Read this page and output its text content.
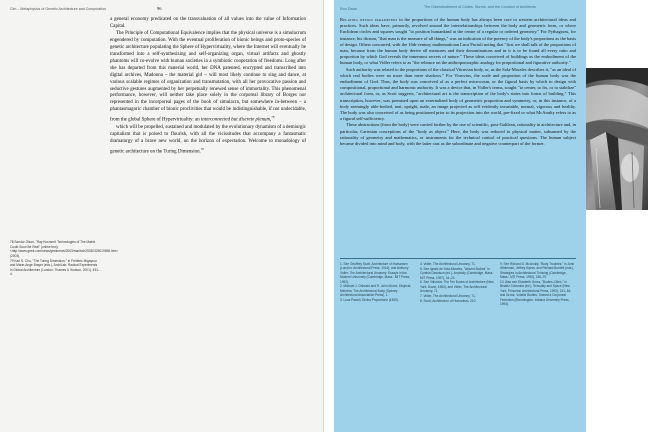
Clm – Metaphysics of Genetic Architecture and Computation	96

a general economy predicated on the transvaluation of all values into the value of Information Capital.

The Principle of Computational Equivalence implies that the physical universe is a simulacrum engendered by computation. With the eventual proliferation of bionic beings and proto-species of genetic architecture populating the Sphere of Hypervirtuality, where the Internet will eventually be transformed into a self-synthesizing and self-organizing organ, virtual artifacts and ghostly phantoms will co-evolve with human societies in a symbiotic cooperation of freedoms. Long after she has departed from this material world, her DNA patented, encrypted and transcribed into digital archives, Madonna – the material girl – will most likely continue to sing and dance, at various scalable regimes of organization and transmutation, with all her provocative passion and seductive gestures augmented by her perpetually renewed sense of immortality. This phenomenal performance, however, will neither take place solely in the corporeal library of Borges nor represented in the incorporeal pages of the book of simulacra, but somewhere in-between – a phantasmagoric chamber of bionic proclivities that would be indistinguishable, if not undecidable, from the global Sphere of Hypervirtuality: an interconnected but discrete plenum,$^{78}$

which will be propelled, sustained and modulated by the evolutionary dynamism of a demiurgic capitalism that is poised to flourish, with all the vicissitudes that accompany a fantasmatic dramaturgy of a brave new world, on the horizon of expectation. Welcome to monadology of genetic architecture on the Turing Dimension.$^{79}$

78 Sandor Olson, "Ray Kurzweil: Technologies of The Matrix Could Soon Be Real" (online text), <http://www.geek.com/news/geeknews/2003/mar/bch20030325019598.htm> (2003).
79 Karl S. Chu, "The Turing Dimension," in Frédéric Migayrou and Marie-Ange Brayer (eds.), ArchiLab: Radical Experiments in Global Architecture (London: Thames & Hudson, 2001), 491–4.
Ron Davis	The Disembodiment of Codes, Norms, and the Conduct of Architects

Relating design parameters to the proportions of the human body has always been core to western architectural ideas and practices. Such ideas have, primarily, revolved around the interrelationships between the body and geometric form, or where Euclidean circles and squares sought "to position humankind at the centre of a regular or ordered geometry." For Pythagoras, for instance, his dictum, "that man is the measure of all things," was an indication of the potency of the body's proportions as the basis of design. Others concurred, with the 16th-century mathematician Luca Pacioli noting that "first we shall talk of the proportions of man, because from the human body derive all measures and their denominations and in it is to be found all every ratio and proportion by which God reveals the innermost secrets of nature." These ideas conceived of buildings as the embodiment of the human body, or what Vidler refers to as "the reliance on the anthropomorphic analogy for proportional and figurative authority."

Such authority was related to the proportions of the classical Vitruvian body, or, as the Sola-Morales describes it, "as an ideal of which real bodies were no more than mere shadows." For Vitruvius, the scale and proportion of the human body was the embodiment of God. Thus, the body was conceived of as a perfect microcosm, or the figural basis by which to design with compositional, proportional and harmonic authority. It was a device that, in Vidler's terms, sought "to center, to fix, or to stabilize" architectural form, or, as Scott suggests, "architectural art is the transcription of the body's states into forms of building." This transcription, however, was premised upon an externalized body of geometric proportion and symmetry, or, in this instance, of a body seemingly able-bodied, taut, upright, male, an image projected as self evidently invariable, normal, vigorous and healthy. The body was also conceived of as being positioned prior to its projection into the world, pre-fixed or what McAnulty refers to as a figural self-sufficiency.

These abstractions (from the body) were carried further by the rise of scientific, post-Galilean, rationality in architecture and, in particular, Cartesian conceptions of the "body as object." Here, the body was reduced to physical matter, subsumed by the rationality of geometry and mathematics, or instruments for the technical control of practical questions. The human subject became divided into mind and body, with the latter cast as the subordinate and negative counterpart of the former.

1. See Geoffrey Scott, Architecture of Humanism (London: Architectural Press, 1914); and Anthony Vidler, The Architectural Uncanny: Essays in the Modern Unhomely (Cambridge, Mass.: MIT Press, 1992).
2. Michael J. Ostwald and R. John Moore, Disjecta Membra: The Architectural Body (Sydney: Architectural Association Press), 1.
3. Luca Pacioli, Divina Proportione (1509).
4. Vidler, The Architectural Uncanny, 71.
5. See Ignasi de Solà-Morales, "Absent Bodies" in Cynthia Davidson (ed.), Anybody (Cambridge, Mass.: MIT Press, 1997), 16–24.
6. See Vitruvius, The Ten Books of Architecture (New York: Dover, 1960); and Vidler, The Architectural Uncanny, 71.
7. Vidler, The Architectural Uncanny, 71.
8. Scott, Architecture of Humanism, 210.
9. See Richard D. McAnulty, "Body Troubles," in John Whiteman, Jeffrey Kipnis, and Richard Burdett (eds.), Strategies in Architectural Thinking (Cambridge, Mass.: MIT Press, 1992), 180–97.
10. Also see Elizabeth Grosz, "Bodies-Cities," in Beatriz Colomina (ed.), Sexuality and Space (New York: Princeton Architectural Press, 1992), 241–54; and Grosz, Volatile Bodies: Toward a Corporeal Feminism (Bloomington: Indiana University Press, 1994).
